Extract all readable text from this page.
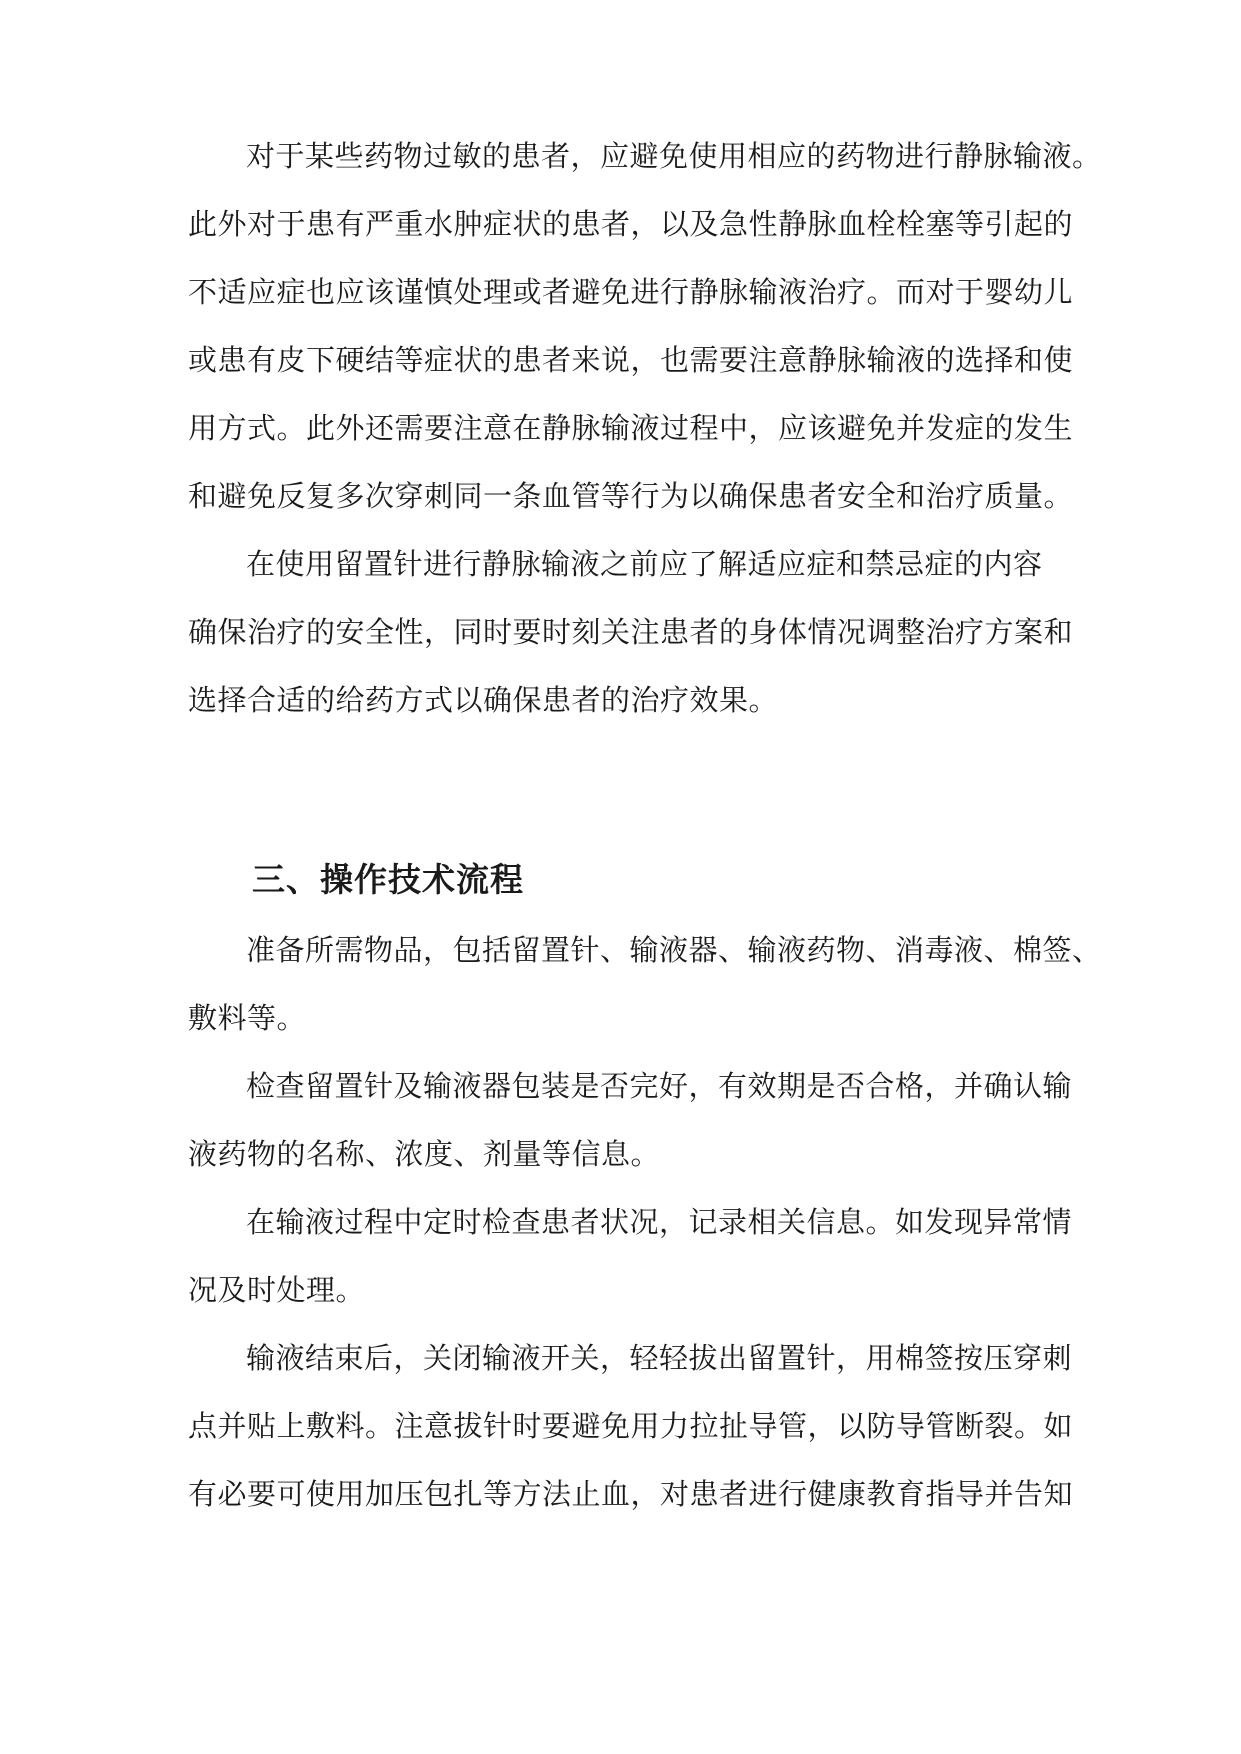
对于某些药物过敏的患者，应避免使用相应的药物进行静脉输液。
此外对于患有严重水肿症状的患者，以及急性静脉血栓栓塞等引起的
不适应症也应该谨慎处理或者避免进行静脉输液治疗。而对于婴幼儿
或患有皮下硬结等症状的患者来说，也需要注意静脉输液的选择和使
用方式。此外还需要注意在静脉输液过程中，应该避免并发症的发生
和避免反复多次穿刺同一条血管等行为以确保患者安全和治疗质量。
在使用留置针进行静脉输液之前应了解适应症和禁忌症的内容
确保治疗的安全性，同时要时刻关注患者的身体情况调整治疗方案和
选择合适的给药方式以确保患者的治疗效果。
三、操作技术流程
准备所需物品，包括留置针、输液器、输液药物、消毒液、棉签、
敷料等。
检查留置针及输液器包装是否完好，有效期是否合格，并确认输
液药物的名称、浓度、剂量等信息。
在输液过程中定时检查患者状况，记录相关信息。如发现异常情
况及时处理。
输液结束后，关闭输液开关，轻轻拔出留置针，用棉签按压穿刺
点并贴上敷料。注意拔针时要避免用力拉扯导管，以防导管断裂。如
有必要可使用加压包扎等方法止血，对患者进行健康教育指导并告知
